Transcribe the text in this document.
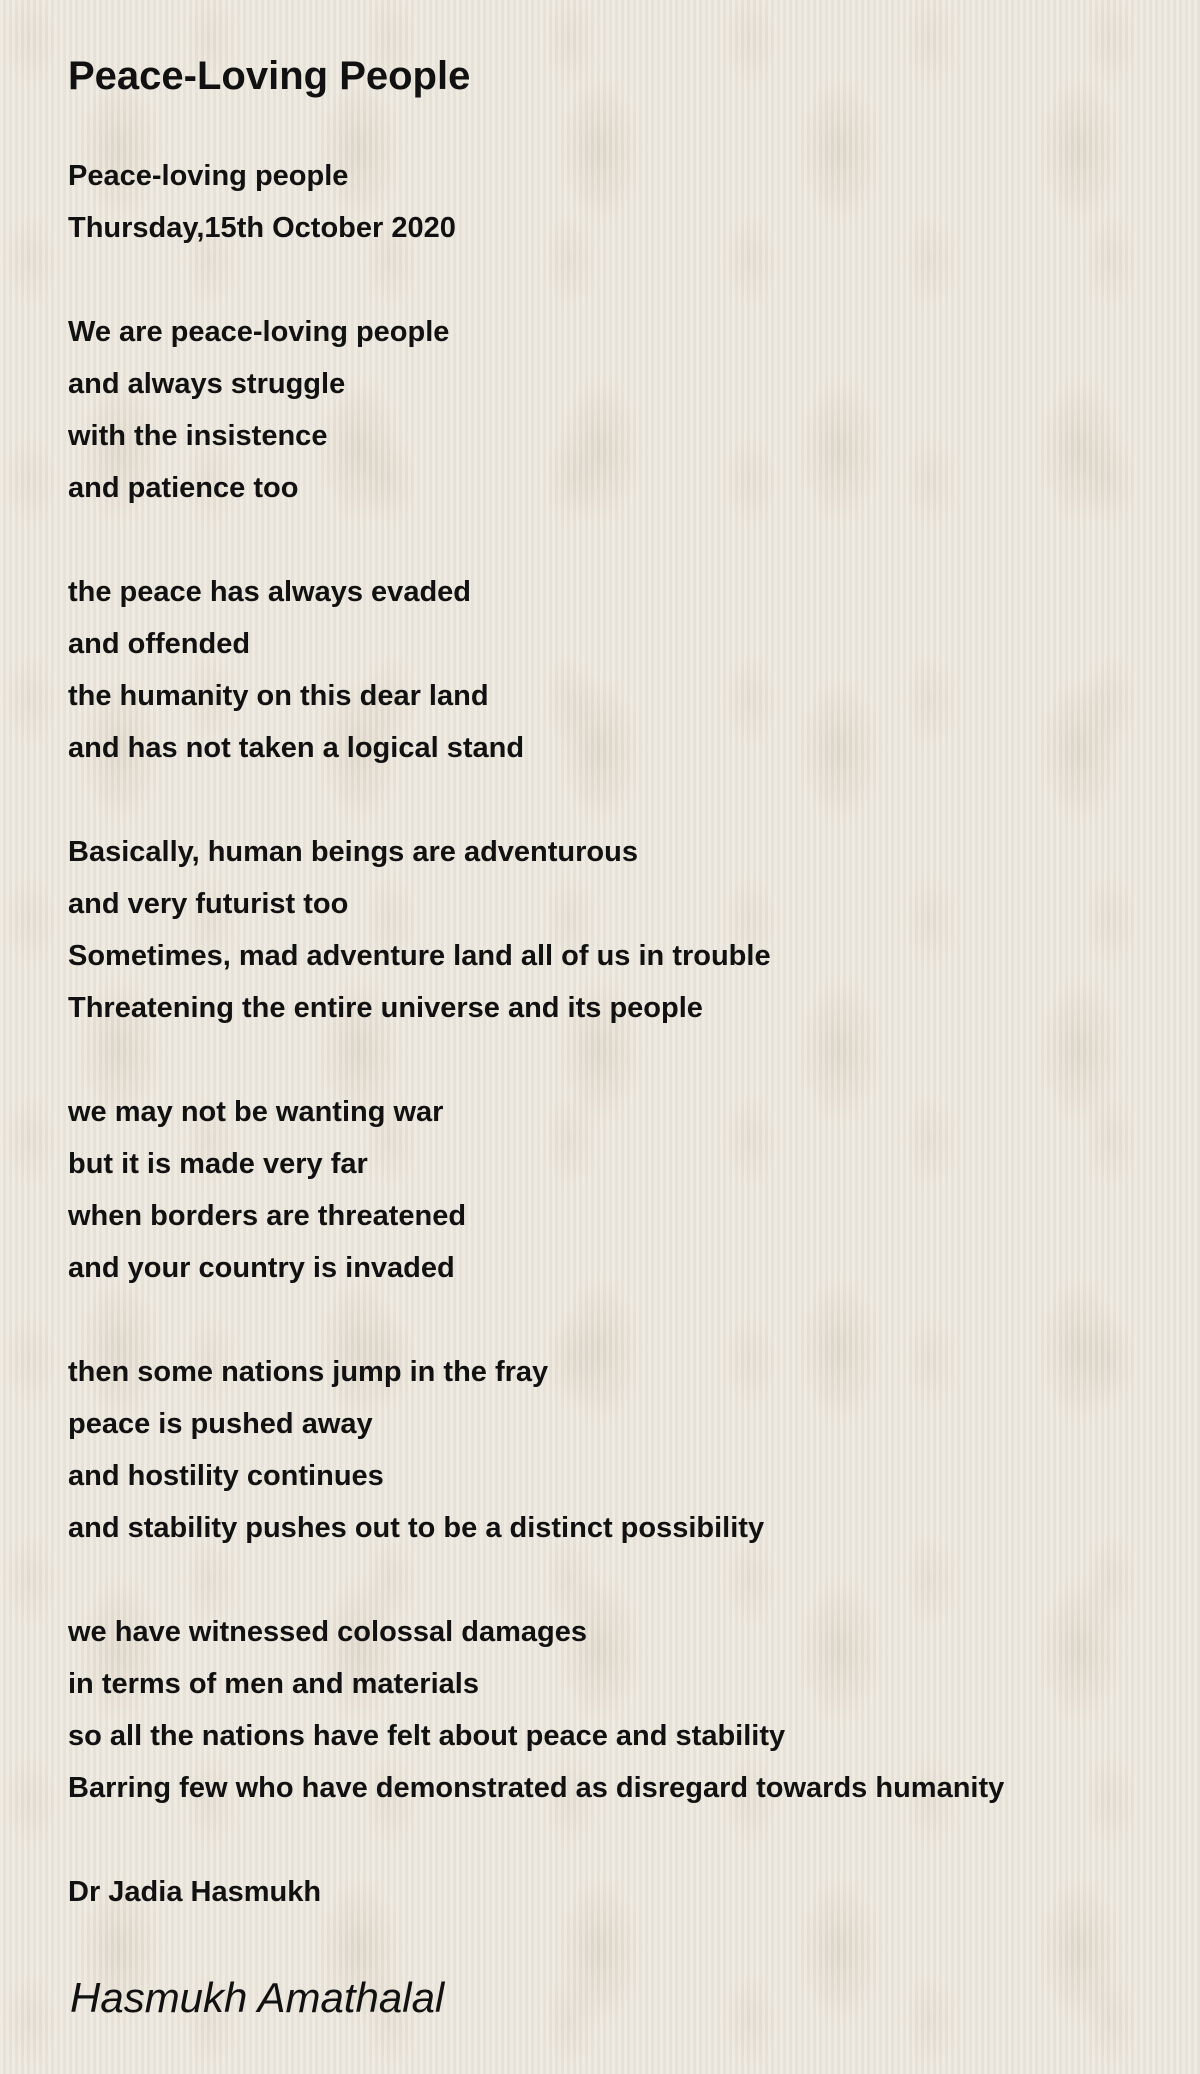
Peace-Loving People
Peace-loving people
Thursday,15th October 2020
We are peace-loving people
and always struggle
with the insistence
and patience too
the peace has always evaded
and offended
the humanity on this dear land
and has not taken a logical stand
Basically, human beings are adventurous
and very futurist too
Sometimes, mad adventure land all of us in trouble
Threatening the entire universe and its people
we may not be wanting war
but it is made very far
when borders are threatened
and your country is invaded
then some nations jump in the fray
peace is pushed away
and hostility continues
and stability pushes out to be a distinct possibility
we have witnessed colossal damages
in terms of men and materials
so all the nations have felt about peace and stability
Barring few who have demonstrated as disregard towards humanity
Dr Jadia Hasmukh
Hasmukh Amathalal
